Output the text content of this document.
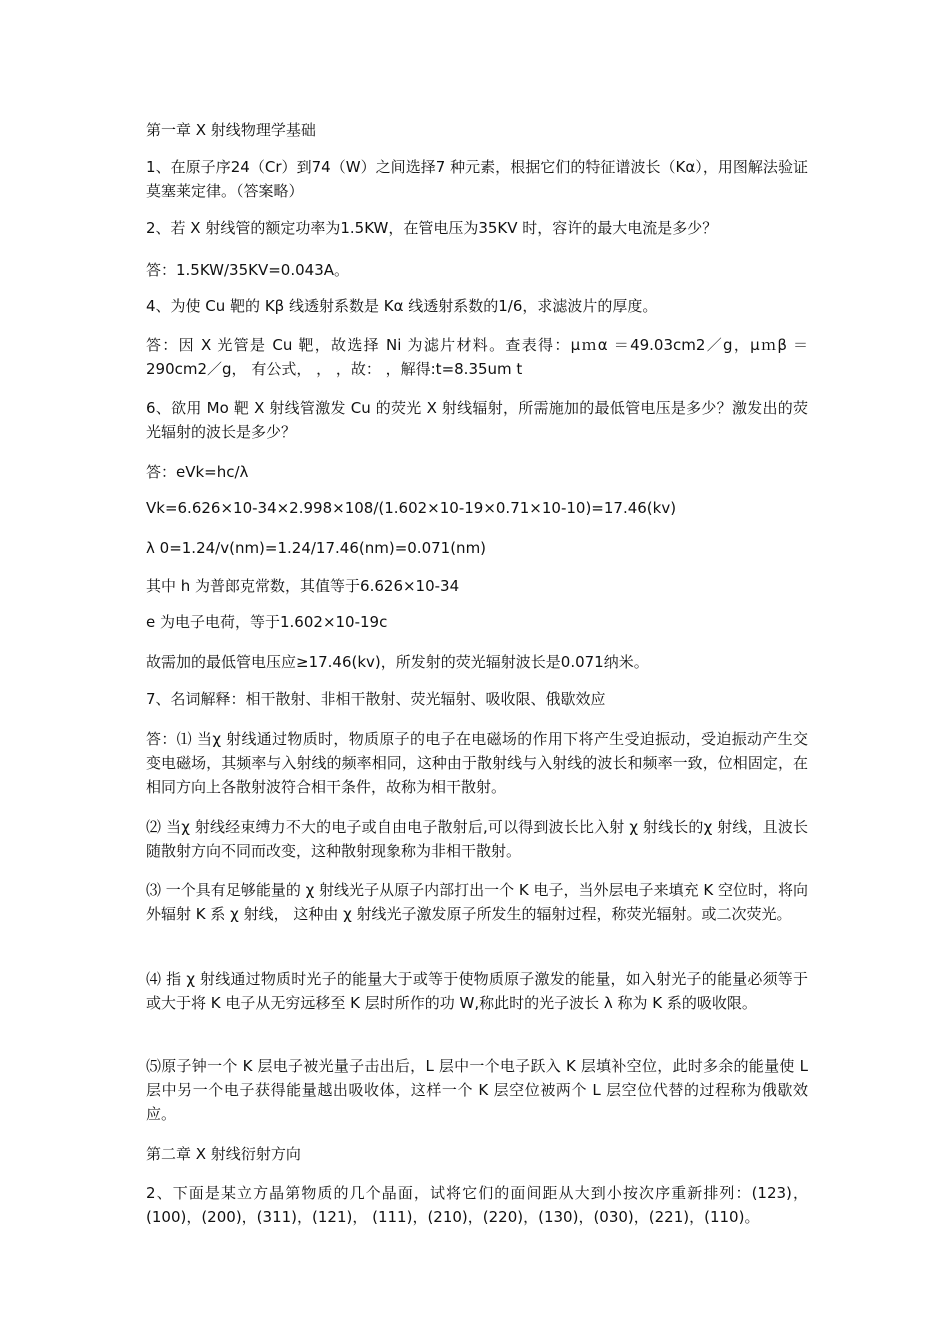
第一章 X 射线物理学基础

1、在原子序24（Cr）到74（W）之间选择7 种元素，根据它们的特征谱波长（Kα），用图解法验证莫塞莱定律。（答案略）

2、若 X 射线管的额定功率为1.5KW，在管电压为35KV 时，容许的最大电流是多少？

答：1.5KW/35KV=0.043A。

4、为使 Cu 靶的 Kβ 线透射系数是 Kα 线透射系数的1/6，求滤波片的厚度。

答：因 X 光管是 Cu 靶，故选择 Ni 为滤片材料。查表得：μｍα ＝49.03cm2／g，μｍβ ＝290cm2／g， 有公式， ， ，故： ，解得:t=8.35um t

6、欲用 Mo 靶 X 射线管激发 Cu 的荧光 X 射线辐射，所需施加的最低管电压是多少？激发出的荧光辐射的波长是多少？

答：eVk=hc/λ

Vk=6.626×10-34×2.998×108/(1.602×10-19×0.71×10-10)=17.46(kv)

λ 0=1.24/v(nm)=1.24/17.46(nm)=0.071(nm)

其中 h 为普郎克常数，其值等于6.626×10-34

e 为电子电荷，等于1.602×10-19c

故需加的最低管电压应≥17.46(kv)，所发射的荧光辐射波长是0.071纳米。

7、名词解释：相干散射、非相干散射、荧光辐射、吸收限、俄歇效应

答：⑴ 当χ 射线通过物质时，物质原子的电子在电磁场的作用下将产生受迫振动，受迫振动产生交变电磁场，其频率与入射线的频率相同，这种由于散射线与入射线的波长和频率一致，位相固定，在相同方向上各散射波符合相干条件，故称为相干散射。

⑵ 当χ 射线经束缚力不大的电子或自由电子散射后,可以得到波长比入射 χ 射线长的χ 射线，且波长随散射方向不同而改变，这种散射现象称为非相干散射。

⑶ 一个具有足够能量的 χ 射线光子从原子内部打出一个 K 电子，当外层电子来填充 K 空位时，将向外辐射 K 系 χ 射线， 这种由 χ 射线光子激发原子所发生的辐射过程，称荧光辐射。或二次荧光。

⑷ 指 χ 射线通过物质时光子的能量大于或等于使物质原子激发的能量，如入射光子的能量必须等于或大于将 K 电子从无穷远移至 K 层时所作的功 W,称此时的光子波长 λ 称为 K 系的吸收限。

⑸原子钟一个 K 层电子被光量子击出后，L 层中一个电子跃入 K 层填补空位，此时多余的能量使 L 层中另一个电子获得能量越出吸收体，这样一个 K 层空位被两个 L 层空位代替的过程称为俄歇效应。

第二章 X 射线衍射方向

2、下面是某立方晶第物质的几个晶面，试将它们的面间距从大到小按次序重新排列：(123)，(100)，(200)，(311)，(121)， (111)，(210)，(220)，(130)，(030)，(221)，(110)。
